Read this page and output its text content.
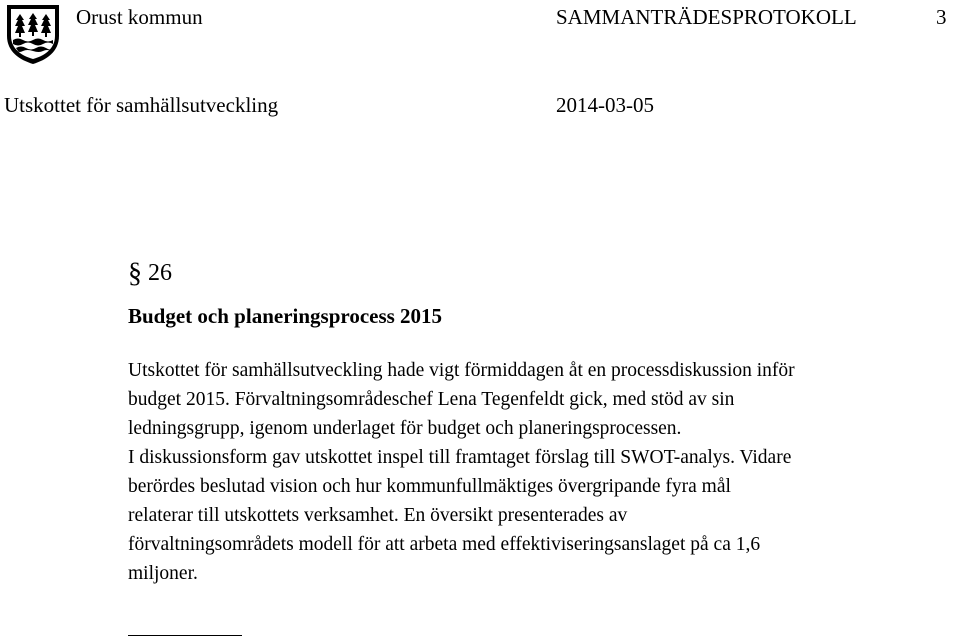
Orust kommun	SAMMANTRÄDESPROTOKOLL	3
Utskottet för samhällsutveckling	2014-03-05
§ 26
Budget och planeringsprocess 2015
Utskottet för samhällsutveckling hade vigt förmiddagen åt en processdiskussion inför
budget 2015. Förvaltningsområdeschef Lena Tegenfeldt gick, med stöd av sin
ledningsgrupp, igenom underlaget för budget och planeringsprocessen.
I diskussionsform gav utskottet inspel till framtaget förslag till SWOT-analys. Vidare
berördes beslutad vision och hur kommunfullmäktiges övergripande fyra mål
relaterar till utskottets verksamhet. En översikt presenterades av
förvaltningsområdets modell för att arbeta med effektiviseringsanslaget på ca 1,6
miljoner.
